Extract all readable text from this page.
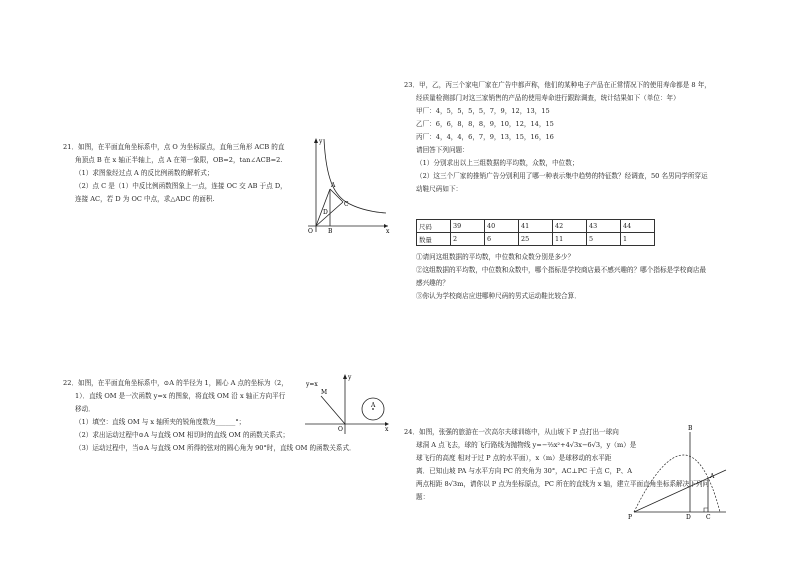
21．如图，在平面直角坐标系中，点 O 为坐标原点，直角三角形 ACB 的直
角顶点 B 在 x 轴正半轴上，点 A 在第一象限，OB=2，tan∠ACB=2.
（1）求图象经过点 A 的反比例函数的解析式；
（2）点 C 是（1）中反比例函数图象上一点，连接 OC 交 AB 于点 D，
连接 AC，若 D 为 OC 中点，求△ADC 的面积.
y
x
O
A
B
C
D
22．如图，在平面直角坐标系中，⊙A 的半径为 1，圆心 A 点的坐标为（2，
1）．直线 OM 是一次函数 y=x 的图象，将直线 OM 沿 x 轴正方向平行
移动．
（1）填空：直线 OM 与 x 轴所夹的锐角度数为______°；
（2）求出运动过程中⊙A 与直线 OM 相切时的直线 OM 的函数关系式；
（3）运动过程中，当⊙A 与直线 OM 所得的弦对的圆心角为 90°时，直线 OM 的函数关系式．
y=x
M
y
O	x
A
23．甲，乙，丙三个家电厂家在广告中都声称，他们的某种电子产品在正常情况下的使用寿命都是 8 年，
经质量检测部门对这三家销售的产品的使用寿命进行跟踪调查，统计结果如下（单位：年）
甲厂：4，5，5，5，5，7，9，12，13，15
乙厂：6，6，8，8，8，9，10，12，14，15
丙厂：4，4，4，6，7，9，13，15，16，16
请回答下列问题：
（1）分别求出以上三组数据的平均数，众数，中位数；
（2）这三个厂家的推销广告分别利用了哪一种表示集中趋势的特征数？经调查，50 名男同学所穿运
动鞋尺码如下：
尺码	39	40	41	42	43	44
数量	2	6	25	11	5	1
①请问这组数据的平均数，中位数和众数分别是多少？
②这组数据的平均数，中位数和众数中，哪个指标是学校商店最不感兴趣的？哪个指标是学校商店最
感兴趣的？
③你认为学校商店应进哪种尺码的男式运动鞋比较合算．
24．如图，张强的旅游在一次高尔夫球训练中，从山坡下 P 点打出一球向
球洞 A 点飞去，球的飞行路线为抛物线 y=−⅔x²+4√3x−6√3，y（m）是
球飞行的高度 相对于过 P 点的水平面），x（m）是球移动的水平距
离．已知山坡 PA 与水平方向 PC 的夹角为 30°，AC⊥PC 于点 C，P、A
两点相距 8√3m，请你以 P 点为坐标原点，PC 所在的直线为 x 轴，建立平面直角坐标系解决下列问
题：
B
A
P	D	C
